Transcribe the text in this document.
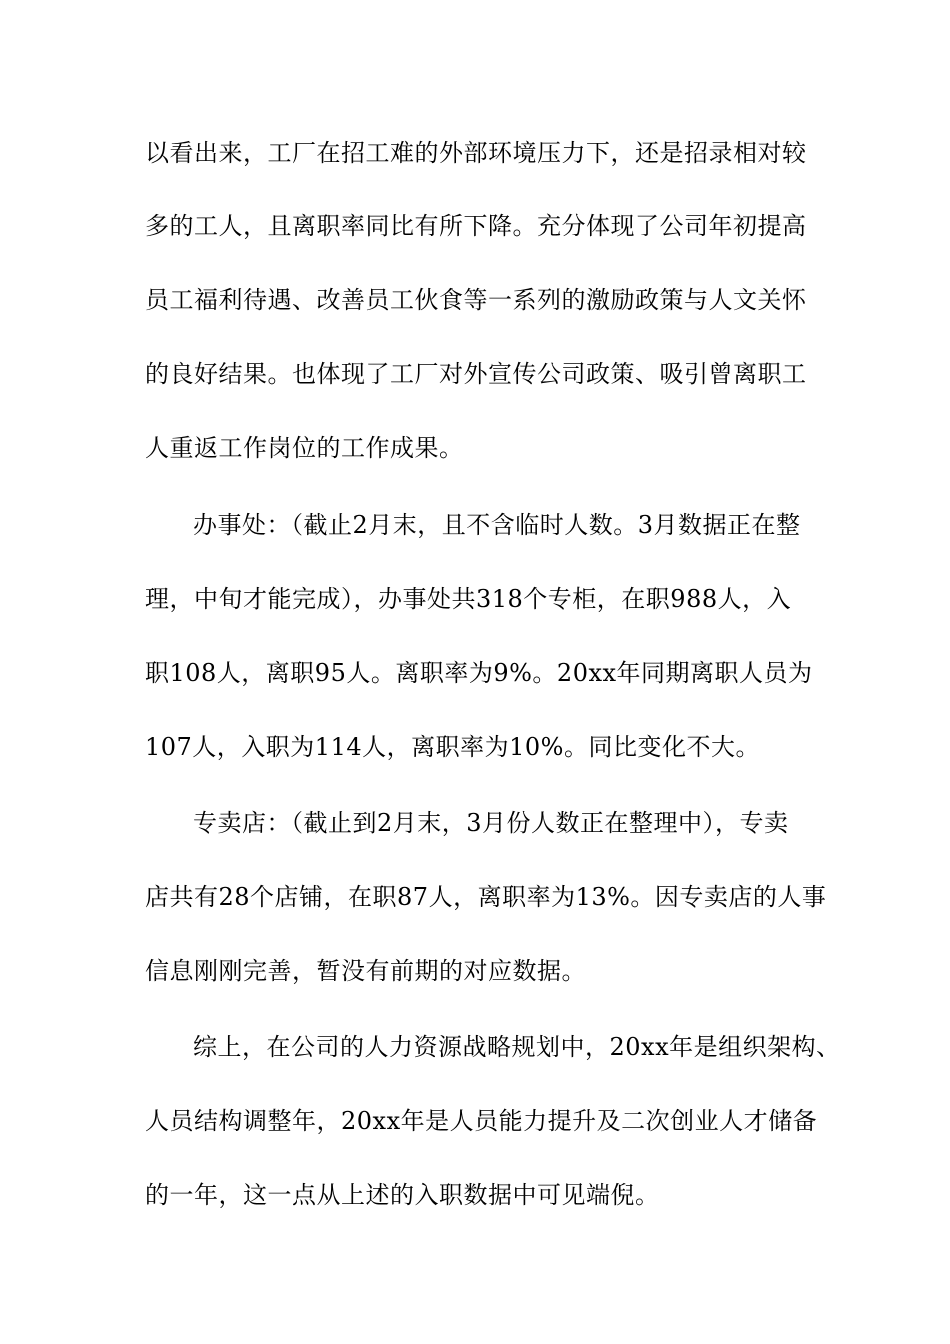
以看出来，工厂在招工难的外部环境压力下，还是招录相对较
多的工人，且离职率同比有所下降。充分体现了公司年初提高
员工福利待遇、改善员工伙食等一系列的激励政策与人文关怀
的良好结果。也体现了工厂对外宣传公司政策、吸引曾离职工
人重返工作岗位的工作成果。
办事处：（截止2月末，且不含临时人数。3月数据正在整
理，中旬才能完成），办事处共318个专柜，在职988人，入
职108人，离职95人。离职率为9%。20xx年同期离职人员为
107人，入职为114人，离职率为10%。同比变化不大。
专卖店：（截止到2月末，3月份人数正在整理中），专卖
店共有28个店铺，在职87人，离职率为13%。因专卖店的人事
信息刚刚完善，暂没有前期的对应数据。
综上，在公司的人力资源战略规划中，20xx年是组织架构、
人员结构调整年，20xx年是人员能力提升及二次创业人才储备
的一年，这一点从上述的入职数据中可见端倪。
